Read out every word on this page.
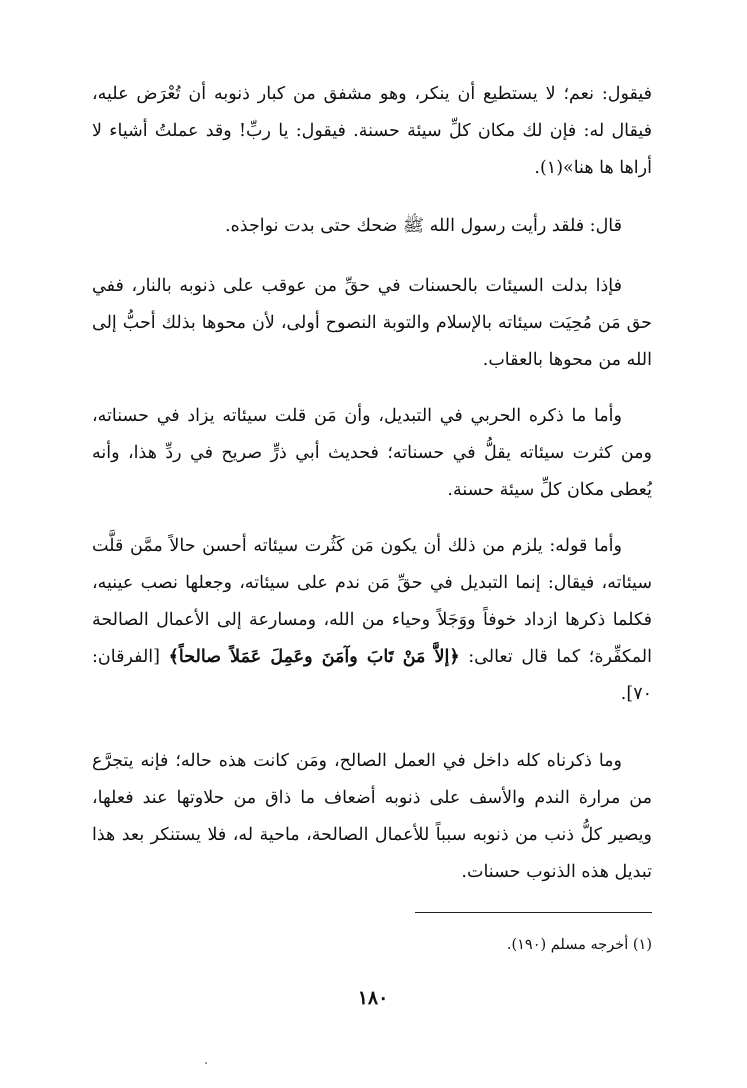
فيقول: نعم؛ لا يستطيع أن ينكر، وهو مشفق من كبار ذنوبه أن تُعْرَض عليه، فيقال له: فإن لك مكان كلِّ سيئة حسنة. فيقول: يا ربِّ! وقد عملتُ أشياء لا أراها ها هنا»(١).

قال: فلقد رأيت رسول الله ﷺ ضحك حتى بدت نواجذه.

فإذا بدلت السيئات بالحسنات في حقِّ من عوقب على ذنوبه بالنار، ففي حق مَن مُحِيَت سيئاته بالإسلام والتوبة النصوح أولى، لأن محوها بذلك أحبُّ إلى الله من محوها بالعقاب.

وأما ما ذكره الحربي في التبديل، وأن مَن قلت سيئاته يزاد في حسناته، ومن كثرت سيئاته يقلُّ في حسناته؛ فحديث أبي ذرٍّ صريح في ردِّ هذا، وأنه يُعطى مكان كلِّ سيئة حسنة.

وأما قوله: يلزم من ذلك أن يكون مَن كَثُرت سيئاته أحسن حالاً ممَّن قلَّت سيئاته، فيقال: إنما التبديل في حقِّ مَن ندم على سيئاته، وجعلها نصب عينيه، فكلما ذكرها ازداد خوفاً ووَجَلاً وحياء من الله، ومسارعة إلى الأعمال الصالحة المكفِّرة؛ كما قال تعالى: ﴿إلاَّ مَنْ تَابَ وآمَنَ وعَمِلَ عَمَلاً صالحاً﴾ [الفرقان: ٧٠].

وما ذكرناه كله داخل في العمل الصالح، ومَن كانت هذه حاله؛ فإنه يتجرَّع من مرارة الندم والأسف على ذنوبه أضعاف ما ذاق من حلاوتها عند فعلها، ويصير كلُّ ذنب من ذنوبه سبباً للأعمال الصالحة، ماحية له، فلا يستنكر بعد هذا تبديل هذه الذنوب حسنات.

(١) أخرجه مسلم (١٩٠).

١٨٠
